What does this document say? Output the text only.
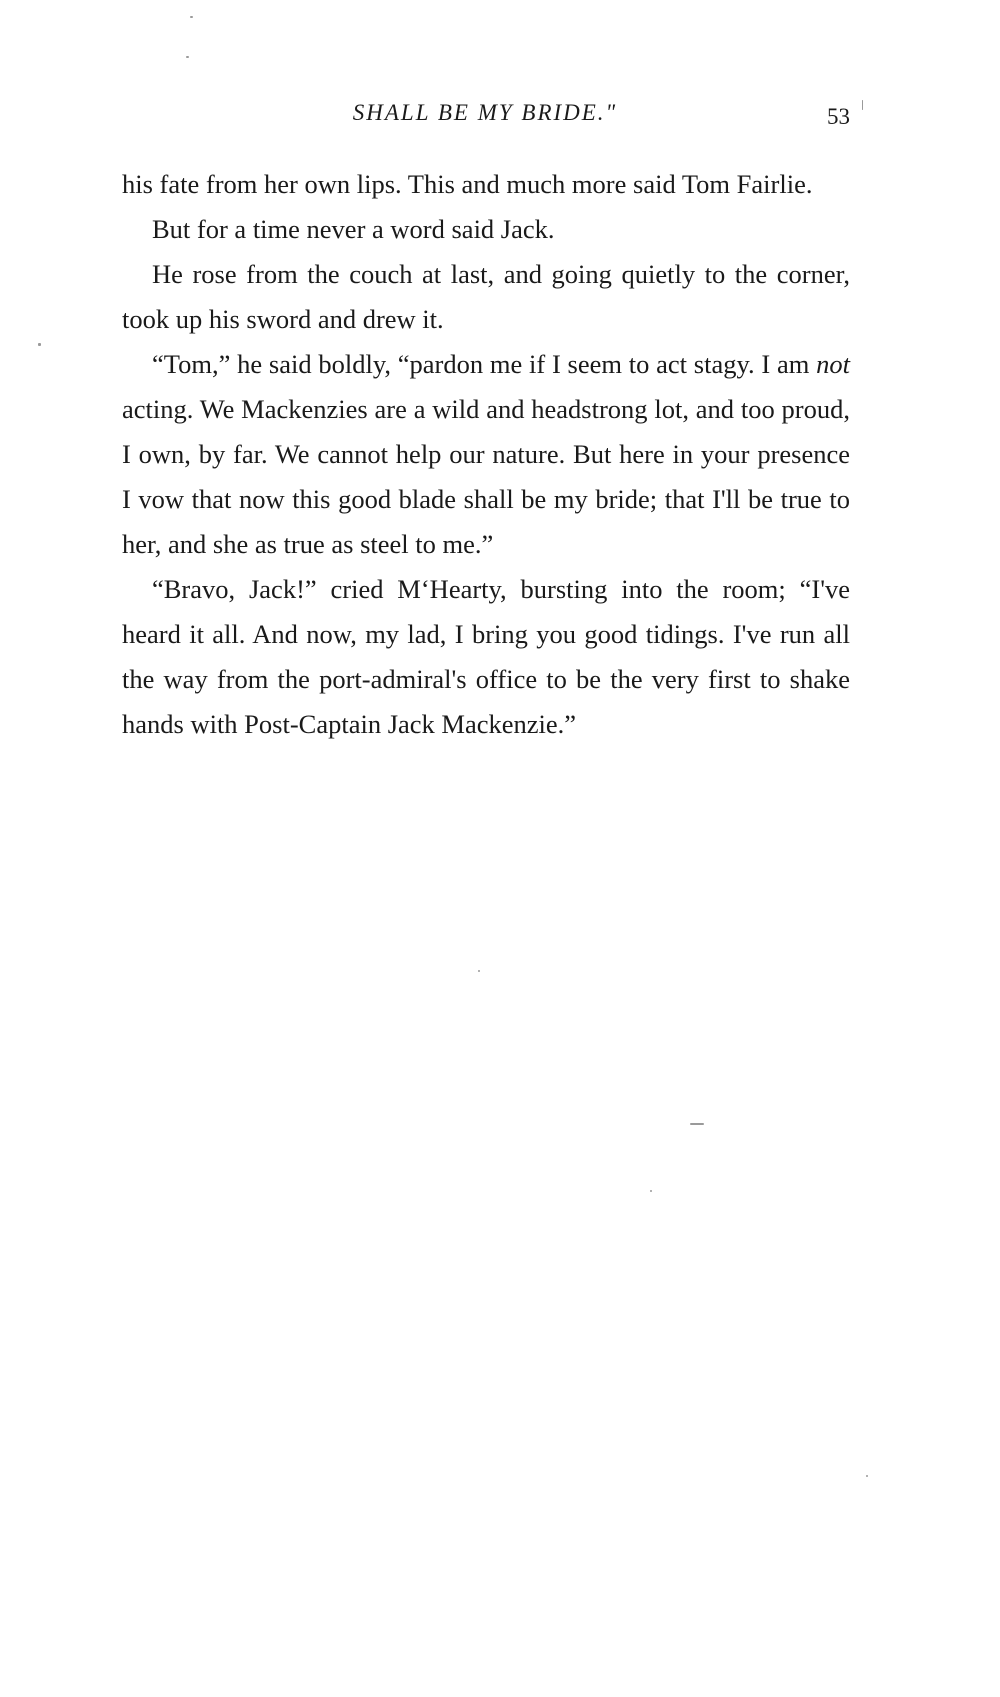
SHALL BE MY BRIDE."	53

his fate from her own lips. This and much more said Tom Fairlie.

But for a time never a word said Jack.

He rose from the couch at last, and going quietly to the corner, took up his sword and drew it.

“Tom,” he said boldly, “pardon me if I seem to act stagy. I am not acting. We Mackenzies are a wild and headstrong lot, and too proud, I own, by far. We cannot help our nature. But here in your presence I vow that now this good blade shall be my bride; that I'll be true to her, and she as true as steel to me.”

“Bravo, Jack!” cried M‘Hearty, bursting into the room; “I've heard it all. And now, my lad, I bring you good tidings. I've run all the way from the port-admiral's office to be the very first to shake hands with Post-Captain Jack Mackenzie.”
